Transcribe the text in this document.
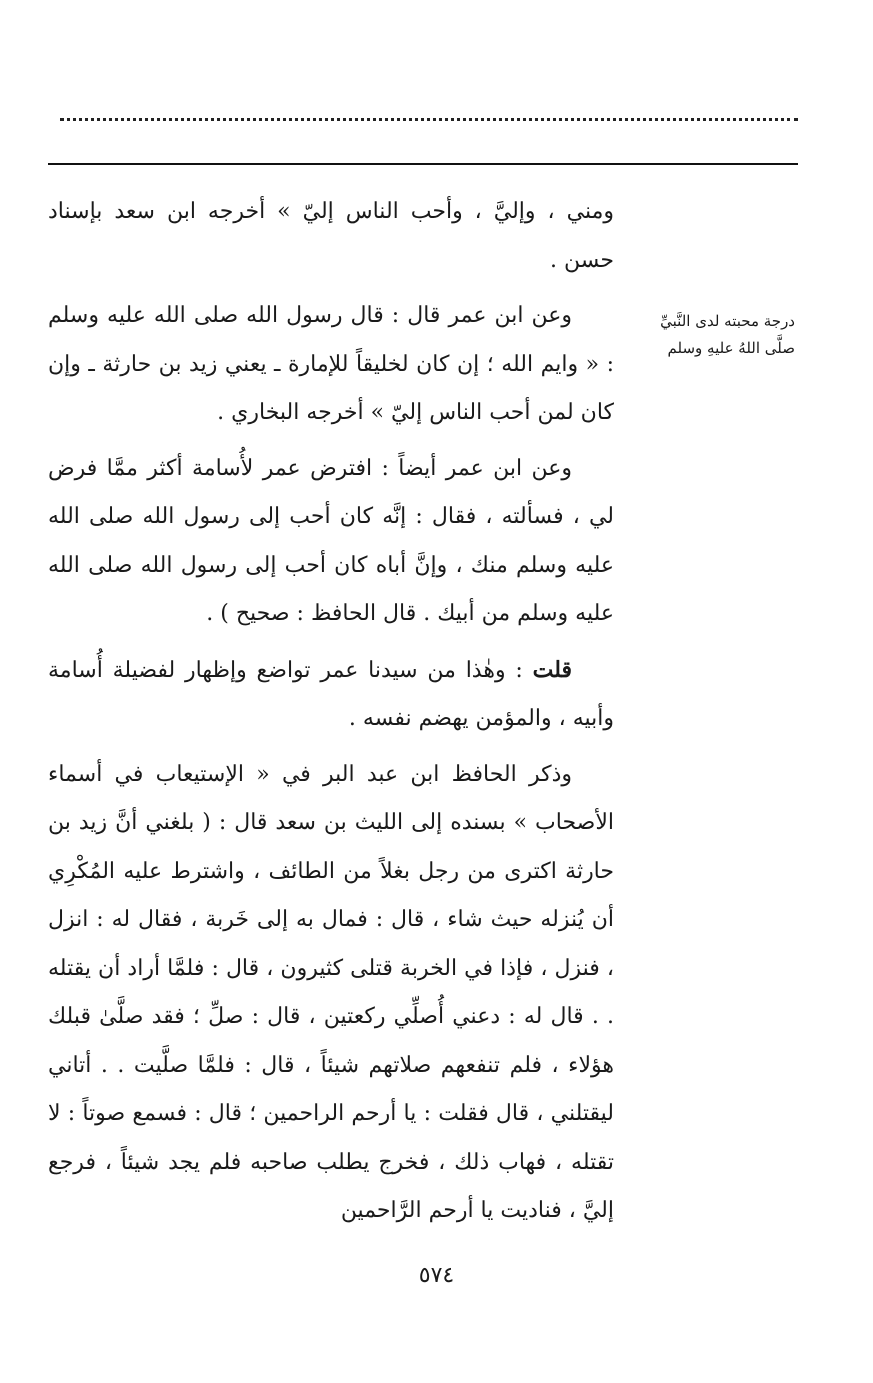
درجة محبته لدى النَّبيِّ
صلَّى اللهُ عليهِ وسلم

ومني ، وإليَّ ، وأحب الناس إليّ » أخرجه ابن سعد بإسناد حسن .

وعن ابن عمر قال : قال رسول الله صلى الله عليه وسلم : « وايم الله ؛ إن كان لخليقاً للإمارة ـ يعني زيد بن حارثة ـ وإن كان لمن أحب الناس إليّ » أخرجه البخاري .

وعن ابن عمر أيضاً : افترض عمر لأُسامة أكثر ممَّا فرض لي ، فسألته ، فقال : إنَّه كان أحب إلى رسول الله صلى الله عليه وسلم منك ، وإنَّ أباه كان أحب إلى رسول الله صلى الله عليه وسلم من أبيك . قال الحافظ : صحيح ) .

قلت : وهٰذا من سيدنا عمر تواضع وإظهار لفضيلة أُسامة وأبيه ، والمؤمن يهضم نفسه .

وذكر الحافظ ابن عبد البر في « الإستيعاب في أسماء الأصحاب » بسنده إلى الليث بن سعد قال : ( بلغني أنَّ زيد بن حارثة اكترى من رجل بغلاً من الطائف ، واشترط عليه المُكْرِي أن يُنزله حيث شاء ، قال : فمال به إلى خَربة ، فقال له : انزل ، فنزل ، فإذا في الخربة قتلى كثيرون ، قال : فلمَّا أراد أن يقتله . . قال له : دعني أُصلِّي ركعتين ، قال : صلِّ ؛ فقد صلَّىٰ قبلك هؤلاء ، فلم تنفعهم صلاتهم شيئاً ، قال : فلمَّا صلَّيت . . أتاني ليقتلني ، قال فقلت : يا أرحم الراحمين ؛ قال : فسمع صوتاً : لا تقتله ، فهاب ذلك ، فخرج يطلب صاحبه فلم يجد شيئاً ، فرجع إليَّ ، فناديت يا أرحم الرَّاحمين

٥٧٤
